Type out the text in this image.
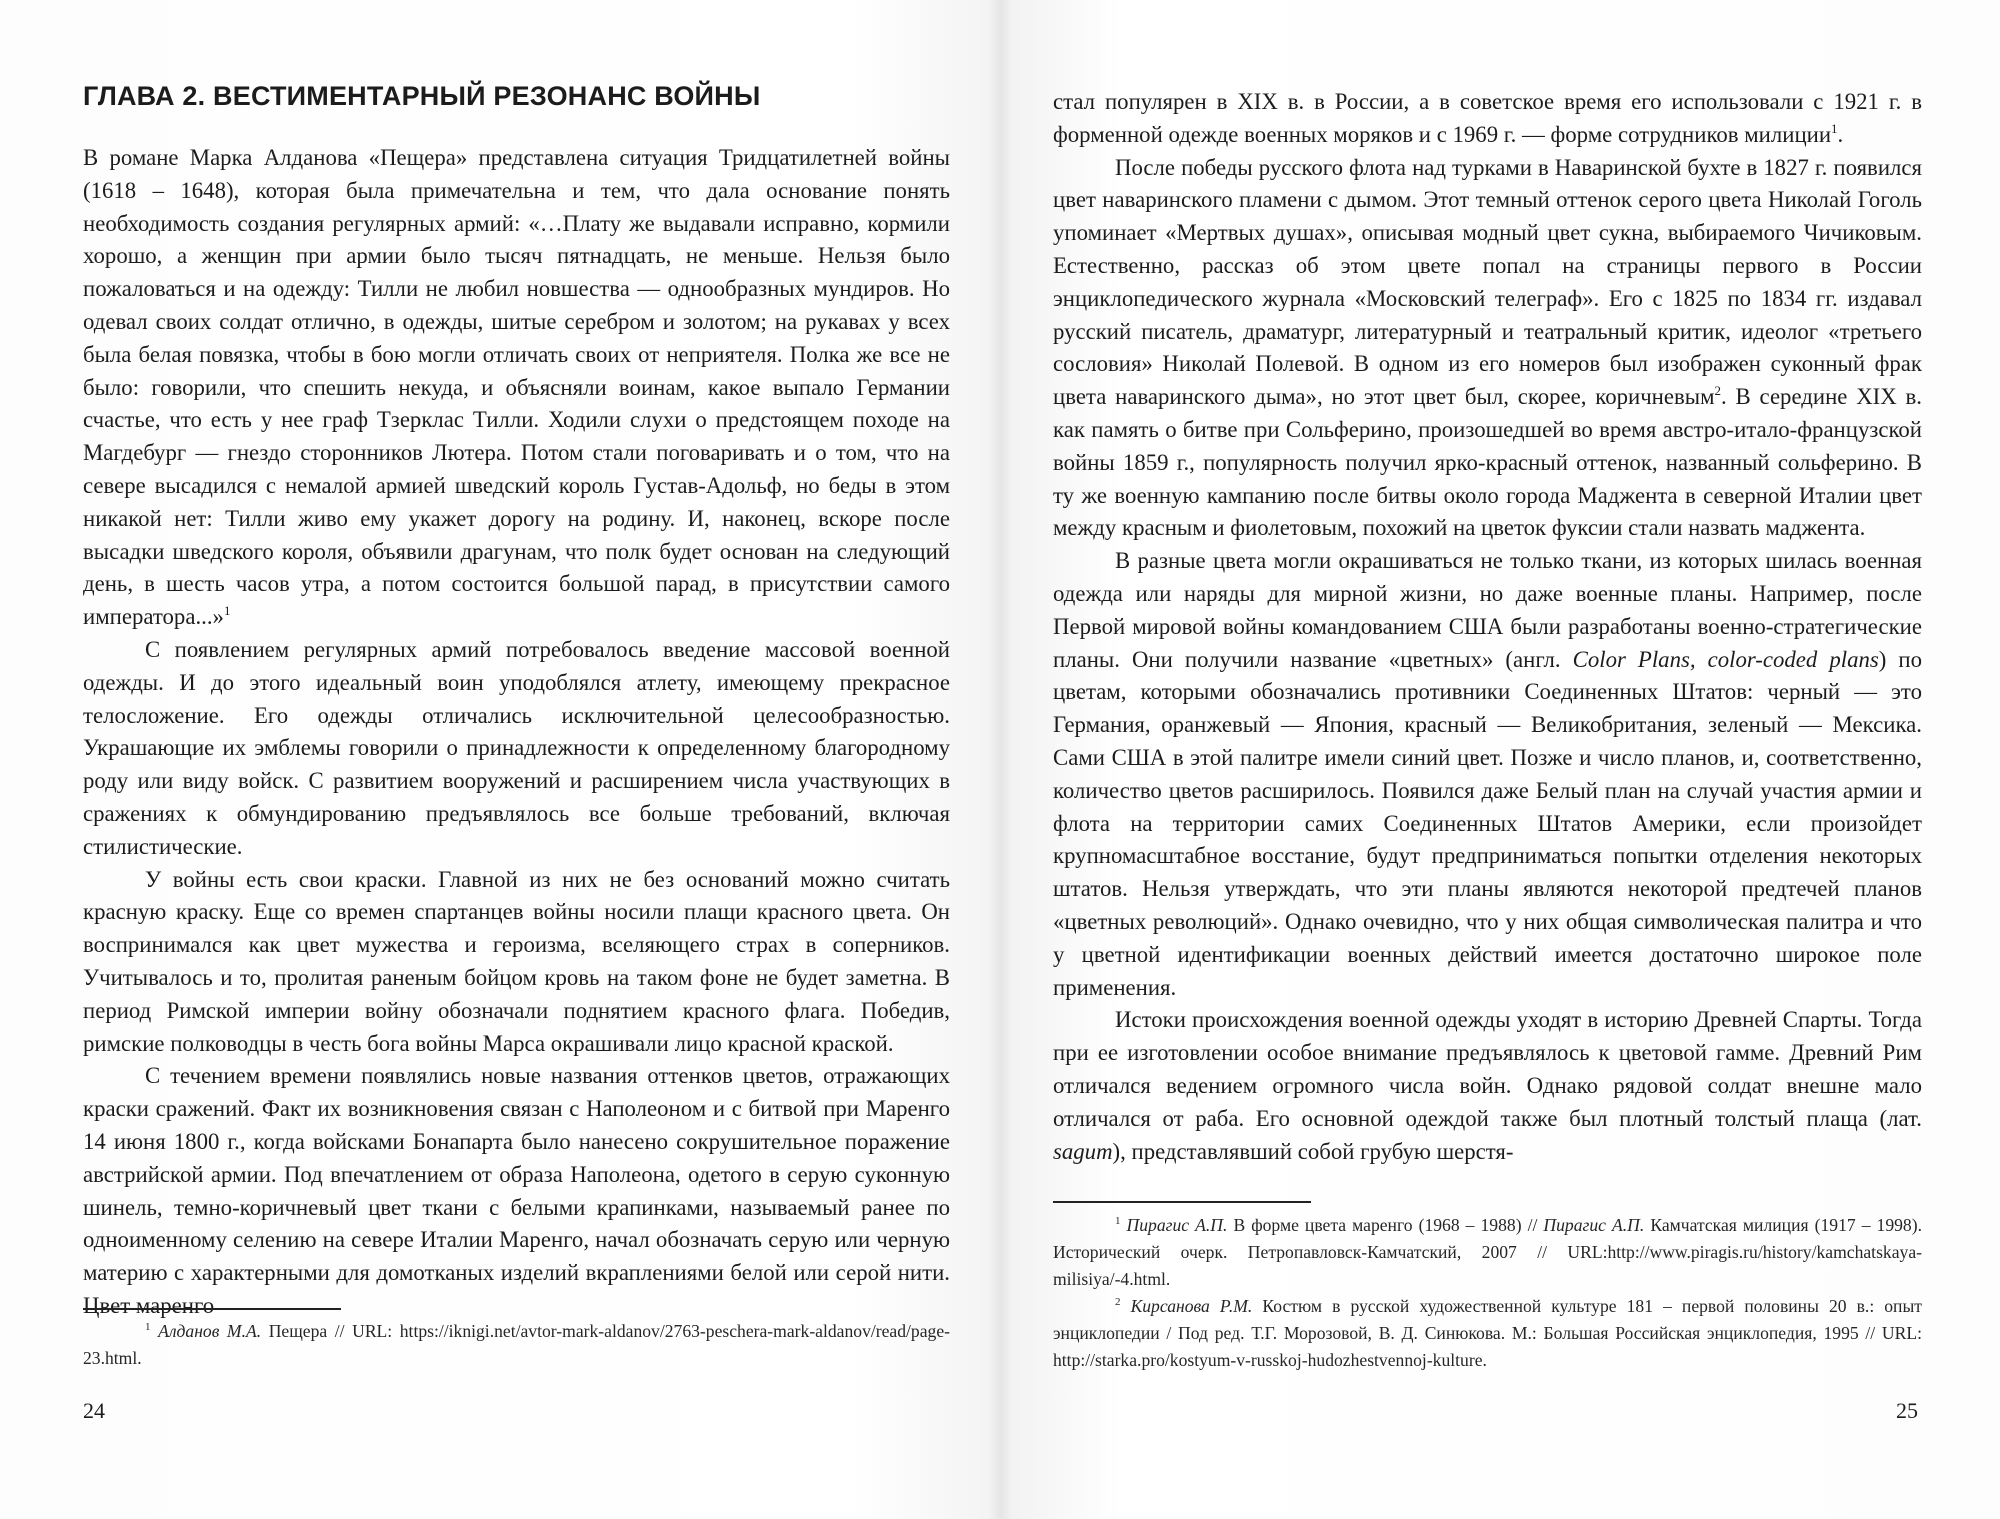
ГЛАВА 2. ВЕСТИМЕНТАРНЫЙ РЕЗОНАНС ВОЙНЫ

В романе Марка Алданова «Пещера» представлена ситуация Тридцатилетней войны (1618 – 1648), которая была примечательна и тем, что дала основание понять необходимость создания регулярных армий: «…Плату же выдавали исправно, кормили хорошо, а женщин при армии было тысяч пятнадцать, не меньше. Нельзя было пожаловаться и на одежду: Тилли не любил новшества — однообразных мундиров. Но одевал своих солдат отлично, в одежды, шитые серебром и золотом; на рукавах у всех была белая повязка, чтобы в бою могли отличать своих от неприятеля. Полка же все не было: говорили, что спешить некуда, и объясняли воинам, какое выпало Германии счастье, что есть у нее граф Тзерклас Тилли. Ходили слухи о предстоящем походе на Магдебург — гнездо сторонников Лютера. Потом стали поговаривать и о том, что на севере высадился с немалой армией шведский король Густав-Адольф, но беды в этом никакой нет: Тилли живо ему укажет дорогу на родину. И, наконец, вскоре после высадки шведского короля, объявили драгунам, что полк будет основан на следующий день, в шесть часов утра, а потом состоится большой парад, в присутствии самого императора...»$^1$

С появлением регулярных армий потребовалось введение массовой военной одежды. И до этого идеальный воин уподоблялся атлету, имеющему прекрасное телосложение. Его одежды отличались исключительной целесообразностью. Украшающие их эмблемы говорили о принадлежности к определенному благородному роду или виду войск. С развитием вооружений и расширением числа участвующих в сражениях к обмундированию предъявлялось все больше требований, включая стилистические.

У войны есть свои краски. Главной из них не без оснований можно считать красную краску. Еще со времен спартанцев войны носили плащи красного цвета. Он воспринимался как цвет мужества и героизма, вселяющего страх в соперников. Учитывалось и то, пролитая раненым бойцом кровь на таком фоне не будет заметна. В период Римской империи войну обозначали поднятием красного флага. Победив, римские полководцы в честь бога войны Марса окрашивали лицо красной краской.

С течением времени появлялись новые названия оттенков цветов, отражающих краски сражений. Факт их возникновения связан с Наполеоном и с битвой при Маренго 14 июня 1800 г., когда войсками Бонапарта было нанесено сокрушительное поражение австрийской армии. Под впечатлением от образа Наполеона, одетого в серую суконную шинель, темно-коричневый цвет ткани с белыми крапинками, называемый ранее по одноименному селению на севере Италии Маренго, начал обозначать серую или черную материю с характерными для домотканых изделий вкраплениями белой или серой нити. Цвет маренго

$^1$ Алданов М.А. Пещера // URL: https://iknigi.net/avtor-mark-aldanov/2763-peschera-mark-aldanov/read/page-23.html.

24

стал популярен в XIX в. в России, а в советское время его использовали с 1921 г. в форменной одежде военных моряков и с 1969 г. — форме сотрудников милиции$^1$.

После победы русского флота над турками в Наваринской бухте в 1827 г. появился цвет наваринского пламени с дымом. Этот темный оттенок серого цвета Николай Гоголь упоминает «Мертвых душах», описывая модный цвет сукна, выбираемого Чичиковым. Естественно, рассказ об этом цвете попал на страницы первого в России энциклопедического журнала «Московский телеграф». Его с 1825 по 1834 гг. издавал русский писатель, драматург, литературный и театральный критик, идеолог «третьего сословия» Николай Полевой. В одном из его номеров был изображен суконный фрак цвета наваринского дыма», но этот цвет был, скорее, коричневым$^2$. В середине XIX в. как память о битве при Сольферино, произошедшей во время австро-итало-французской войны 1859 г., популярность получил ярко-красный оттенок, названный сольферино. В ту же военную кампанию после битвы около города Маджента в северной Италии цвет между красным и фиолетовым, похожий на цветок фуксии стали назвать маджента.

В разные цвета могли окрашиваться не только ткани, из которых шилась военная одежда или наряды для мирной жизни, но даже военные планы. Например, после Первой мировой войны командованием США были разработаны военно-стратегические планы. Они получили название «цветных» (англ. Color Plans, color-coded plans) по цветам, которыми обозначались противники Соединенных Штатов: черный — это Германия, оранжевый — Япония, красный — Великобритания, зеленый — Мексика. Сами США в этой палитре имели синий цвет. Позже и число планов, и, соответственно, количество цветов расширилось. Появился даже Белый план на случай участия армии и флота на территории самих Соединенных Штатов Америки, если произойдет крупномасштабное восстание, будут предприниматься попытки отделения некоторых штатов. Нельзя утверждать, что эти планы являются некоторой предтечей планов «цветных революций». Однако очевидно, что у них общая символическая палитра и что у цветной идентификации военных действий имеется достаточно широкое поле применения.

Истоки происхождения военной одежды уходят в историю Древней Спарты. Тогда при ее изготовлении особое внимание предъявлялось к цветовой гамме. Древний Рим отличался ведением огромного числа войн. Однако рядовой солдат внешне мало отличался от раба. Его основной одеждой также был плотный толстый плаща (лат. sagum), представлявший собой грубую шерстя-

$^1$ Пирагис А.П. В форме цвета маренго (1968 – 1988) // Пирагис А.П. Камчатская милиция (1917 – 1998). Исторический очерк. Петропавловск-Камчатский, 2007 // URL:http://www.piragis.ru/history/kamchatskaya-milisiya/-4.html.

$^2$ Кирсанова Р.М. Костюм в русской художественной культуре 181 – первой половины 20 в.: опыт энциклопедии / Под ред. Т.Г. Морозовой, В. Д. Синюкова. М.: Большая Российская энциклопедия, 1995 // URL: http://starka.pro/kostyum-v-russkoj-hudozhestvennoj-kulture.

25
